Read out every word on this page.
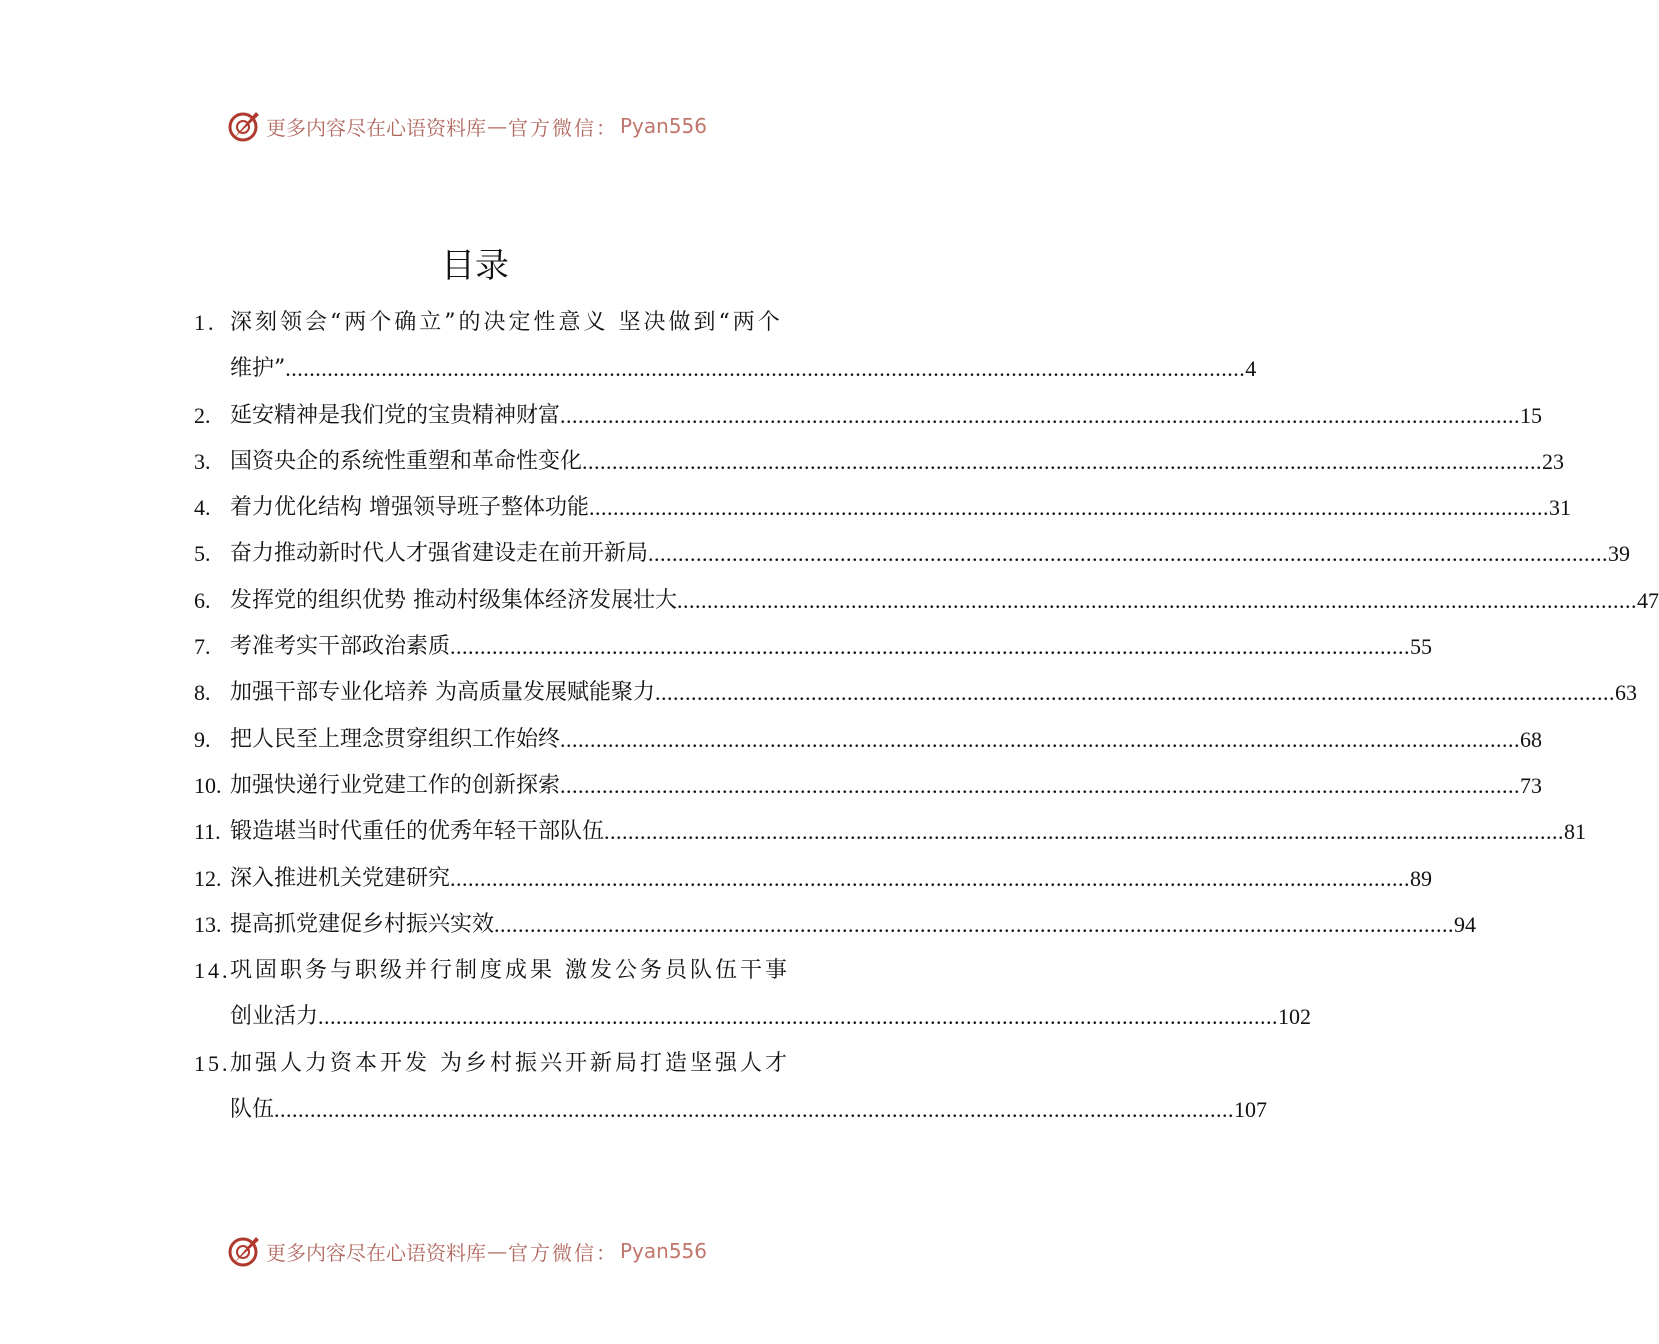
更多内容尽在心语资料库 — 官方微信： Pyan556
目录
1. 深刻领会“两个确立”的决定性意义 坚决做到“两个
维护” .....	4
2. 延安精神是我们党的宝贵精神财富 .....	15
3. 国资央企的系统性重塑和革命性变化 .....	23
4. 着力优化结构 增强领导班子整体功能 .....	31
5. 奋力推动新时代人才强省建设走在前开新局 .....	39
6. 发挥党的组织优势 推动村级集体经济发展壮大 .....	47
7. 考准考实干部政治素质 .....	55
8. 加强干部专业化培养 为高质量发展赋能聚力 .....	63
9. 把人民至上理念贯穿组织工作始终 .....	68
10. 加强快递行业党建工作的创新探索 .....	73
11. 锻造堪当时代重任的优秀年轻干部队伍 .....	81
12. 深入推进机关党建研究 .....	89
13. 提高抓党建促乡村振兴实效 .....	94
14. 巩固职务与职级并行制度成果 激发公务员队伍干事
创业活力 .....	102
15. 加强人力资本开发 为乡村振兴开新局打造坚强人才
队伍 .....	107
更多内容尽在心语资料库 — 官方微信： Pyan556
